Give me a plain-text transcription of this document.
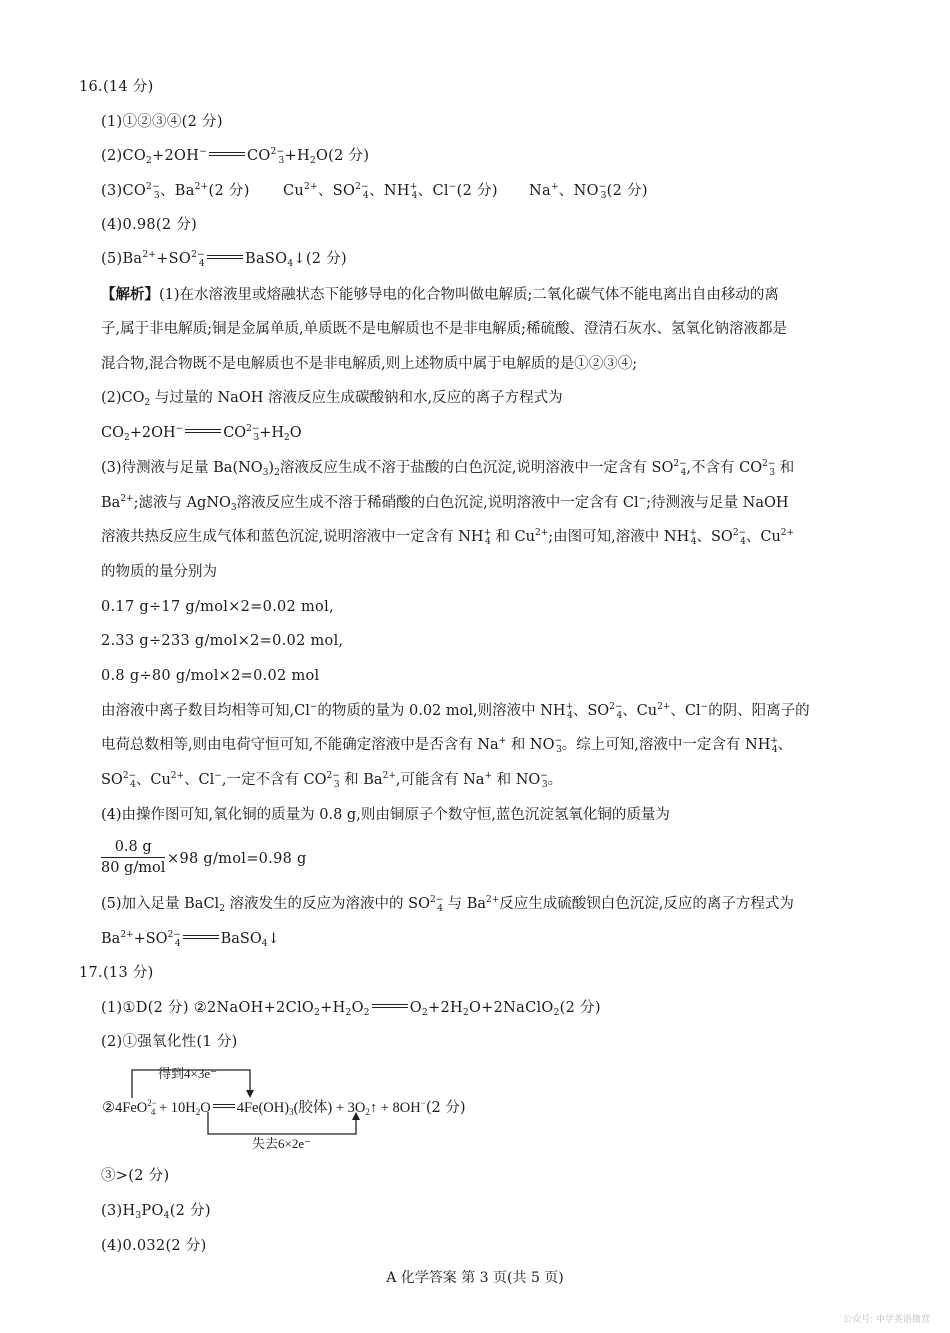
16.(14 分)
(1)①②③④(2 分)
$(2)CO_2+2OH^-$	$CO^{2-}_3+H_2O(2$ 分)
$(3)CO^{2-}_3$、$Ba^{2+}(2$ 分) $Cu^{2+}$、$SO^{2-}_4$、$NH^+_4$、Cl−(2 分) Na+、$NO^-_3(2$ 分)
(4)0.98(2 分)
$(5)Ba^{2+}+SO^{2-}_4$	BaSO$_4$↓(2 分)
【解析】(1)在水溶液里或熔融状态下能够导电的化合物叫做电解质;二氧化碳气体不能电离出自由移动的离
子,属于非电解质;铜是金属单质,单质既不是电解质也不是非电解质;稀硫酸、澄清石灰水、氢氧化钠溶液都是
混合物,混合物既不是电解质也不是非电解质,则上述物质中属于电解质的是①②③④;
$(2)CO_2$ 与过量的 NaOH 溶液反应生成碳酸钠和水,反应的离子方程式为
$CO_2+2OH^-$	$CO^{2-}_3+H_2O$
(3)待测液与足量 $Ba(NO_3)_2$溶液反应生成不溶于盐酸的白色沉淀,说明溶液中一定含有 $SO^{2-}_4$,不含有 $CO^{2-}_3$ 和
$Ba^{2+}$;滤液与 AgNO$_3$溶液反应生成不溶于稀硝酸的白色沉淀,说明溶液中一定含有 Cl−;待测液与足量 NaOH
溶液共热反应生成气体和蓝色沉淀,说明溶液中一定含有 $NH^+_4$ 和 $Cu^{2+}$;由图可知,溶液中 $NH^+_4$、$SO^{2-}_4$、$Cu^{2+}$
的物质的量分别为
0.17 g÷17 g/mol×2=0.02 mol,
2.33 g÷233 g/mol×2=0.02 mol,
0.8 g÷80 g/mol×2=0.02 mol
由溶液中离子数目均相等可知,Cl−的物质的量为 0.02 mol,则溶液中 $NH^+_4$、$SO^{2-}_4$、$Cu^{2+}$、Cl−的阴、阳离子的
电荷总数相等,则由电荷守恒可知,不能确定溶液中是否含有 Na+ 和 $NO^-_3$。综上可知,溶液中一定含有 $NH^+_4$、
$SO^{2-}_4$、$Cu^{2+}$、Cl−,一定不含有 $CO^{2-}_3$ 和 $Ba^{2+}$,可能含有 Na+ 和 $NO^-_3$。
(4)由操作图可知,氧化铜的质量为 0.8 g,则由铜原子个数守恒,蓝色沉淀氢氧化铜的质量为
0.8 g
80 g/mol
×98 g/mol=0.98 g
(5)加入足量 BaCl$_2$ 溶液发生的反应为溶液中的 $SO^{2-}_4$ 与 $Ba^{2+}$反应生成硫酸钡白色沉淀,反应的离子方程式为
$Ba^{2+}+SO^{2-}_4$	BaSO$_4$↓
17.(13 分)
(1)①D(2 分) $②2NaOH+2ClO_2+H_2O_2$	$O_2+2H_2O+2NaClO_2(2$ 分)
(2)①强氧化性(1 分)
得到4×3e⁻
②4FeO$^{2-}_4$ + $10H_2O$ $4Fe(OH)_3$(胶体) + $3O_2↑ + 8OH^-(2$ 分)
失去6×2e⁻
③>(2 分)
$(3)H_3PO_4(2$ 分)
(4)0.032(2 分)
A 化学答案 第 3 页(共 5 页)
公众号: 中学英语微营
